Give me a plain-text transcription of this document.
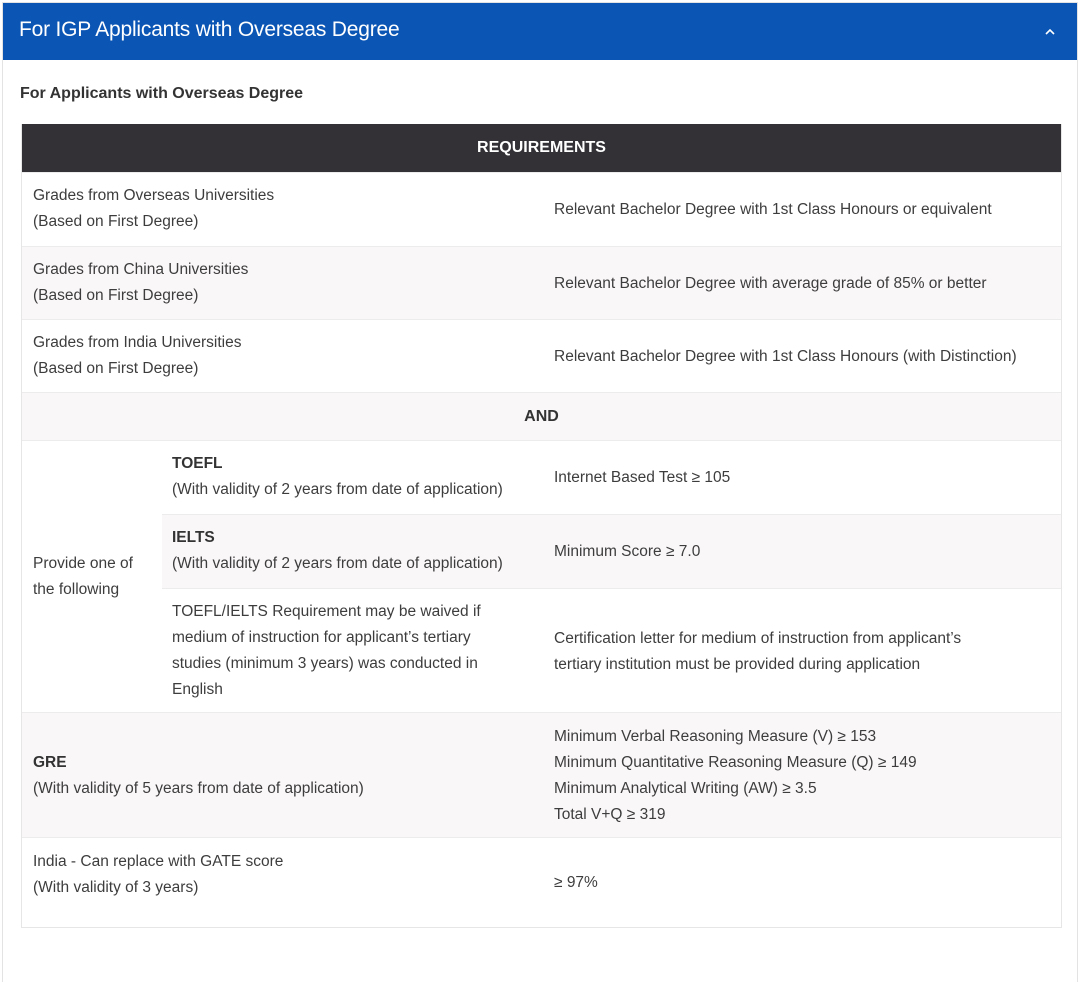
For IGP Applicants with Overseas Degree
For Applicants with Overseas Degree
REQUIREMENTS
Grades from Overseas Universities
(Based on First Degree)
Relevant Bachelor Degree with 1st Class Honours or equivalent
Grades from China Universities
(Based on First Degree)
Relevant Bachelor Degree with average grade of 85% or better
Grades from India Universities
(Based on First Degree)
Relevant Bachelor Degree with 1st Class Honours (with Distinction)
AND
Provide one of
the following
TOEFL
(With validity of 2 years from date of application)
Internet Based Test ≥ 105
IELTS
(With validity of 2 years from date of application)
Minimum Score ≥ 7.0
TOEFL/IELTS Requirement may be waived if
medium of instruction for applicant’s tertiary
studies (minimum 3 years) was conducted in
English
Certification letter for medium of instruction from applicant’s
tertiary institution must be provided during application
GRE
(With validity of 5 years from date of application)
Minimum Verbal Reasoning Measure (V) ≥ 153
Minimum Quantitative Reasoning Measure (Q) ≥ 149
Minimum Analytical Writing (AW) ≥ 3.5
Total V+Q ≥ 319
India - Can replace with GATE score
(With validity of 3 years)	≥ 97%
